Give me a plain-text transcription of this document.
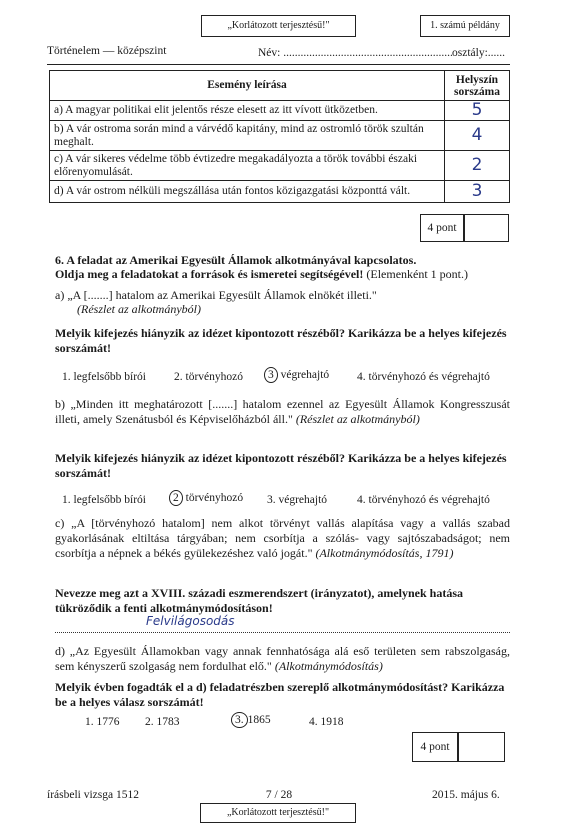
„Korlátozott terjesztésű!"	1. számú példány
Történelem — középszint	Név: ........................................................... osztály:......
Esemény leírása	Helyszín sorszáma
a) A magyar politikai elit jelentős része elesett az itt vívott ütközetben.	5
b) A vár ostroma során mind a várvédő kapitány, mind az ostromló török szultán meghalt.	4
c) A vár sikeres védelme több évtizedre megakadályozta a török további északi előrenyomulását.	2
d) A vár ostrom nélküli megszállása után fontos közigazgatási központtá vált.	3
4 pont
6. A feladat az Amerikai Egyesült Államok alkotmányával kapcsolatos.
Oldja meg a feladatokat a források és ismeretei segítségével! (Elemenként 1 pont.)
a) „A [.......] hatalom az Amerikai Egyesült Államok elnökét illeti."
(Részlet az alkotmányból)
Melyik kifejezés hiányzik az idézet kipontozott részéből? Karikázza be a helyes kifejezés sorszámát!
1. legfelsőbb bírói 2. törvényhozó	3 végrehajtó 4. törvényhozó és végrehajtó
b) „Minden itt meghatározott [.......] hatalom ezennel az Egyesült Államok Kongresszusát illeti, amely Szenátusból és Képviselőházból áll." (Részlet az alkotmányból)
Melyik kifejezés hiányzik az idézet kipontozott részéből? Karikázza be a helyes kifejezés sorszámát!
1. legfelsőbb bírói	2 törvényhozó 3. végrehajtó	4. törvényhozó és végrehajtó
c) „A [törvényhozó hatalom] nem alkot törvényt vallás alapítása vagy a vallás szabad gyakorlásának eltiltása tárgyában; nem csorbítja a szólás- vagy sajtószabadságot; nem csorbítja a népnek a békés gyülekezéshez való jogát." (Alkotmánymódosítás, 1791)
Nevezze meg azt a XVIII. századi eszmerendszert (irányzatot), amelynek hatása tükröződik a fenti alkotmánymódosításon!
Felvilágosodás
d) „Az Egyesült Államokban vagy annak fennhatósága alá eső területen sem rabszolgaság, sem kényszerű szolgaság nem fordulhat elő." (Alkotmánymódosítás)
Melyik évben fogadták el a d) feladatrészben szereplő alkotmánymódosítást? Karikázza be a helyes válasz sorszámát!
1. 1776 2. 1783	3. 1865	4. 1918
4 pont
írásbeli vizsga 1512	7 / 28	2015. május 6.
„Korlátozott terjesztésű!"
